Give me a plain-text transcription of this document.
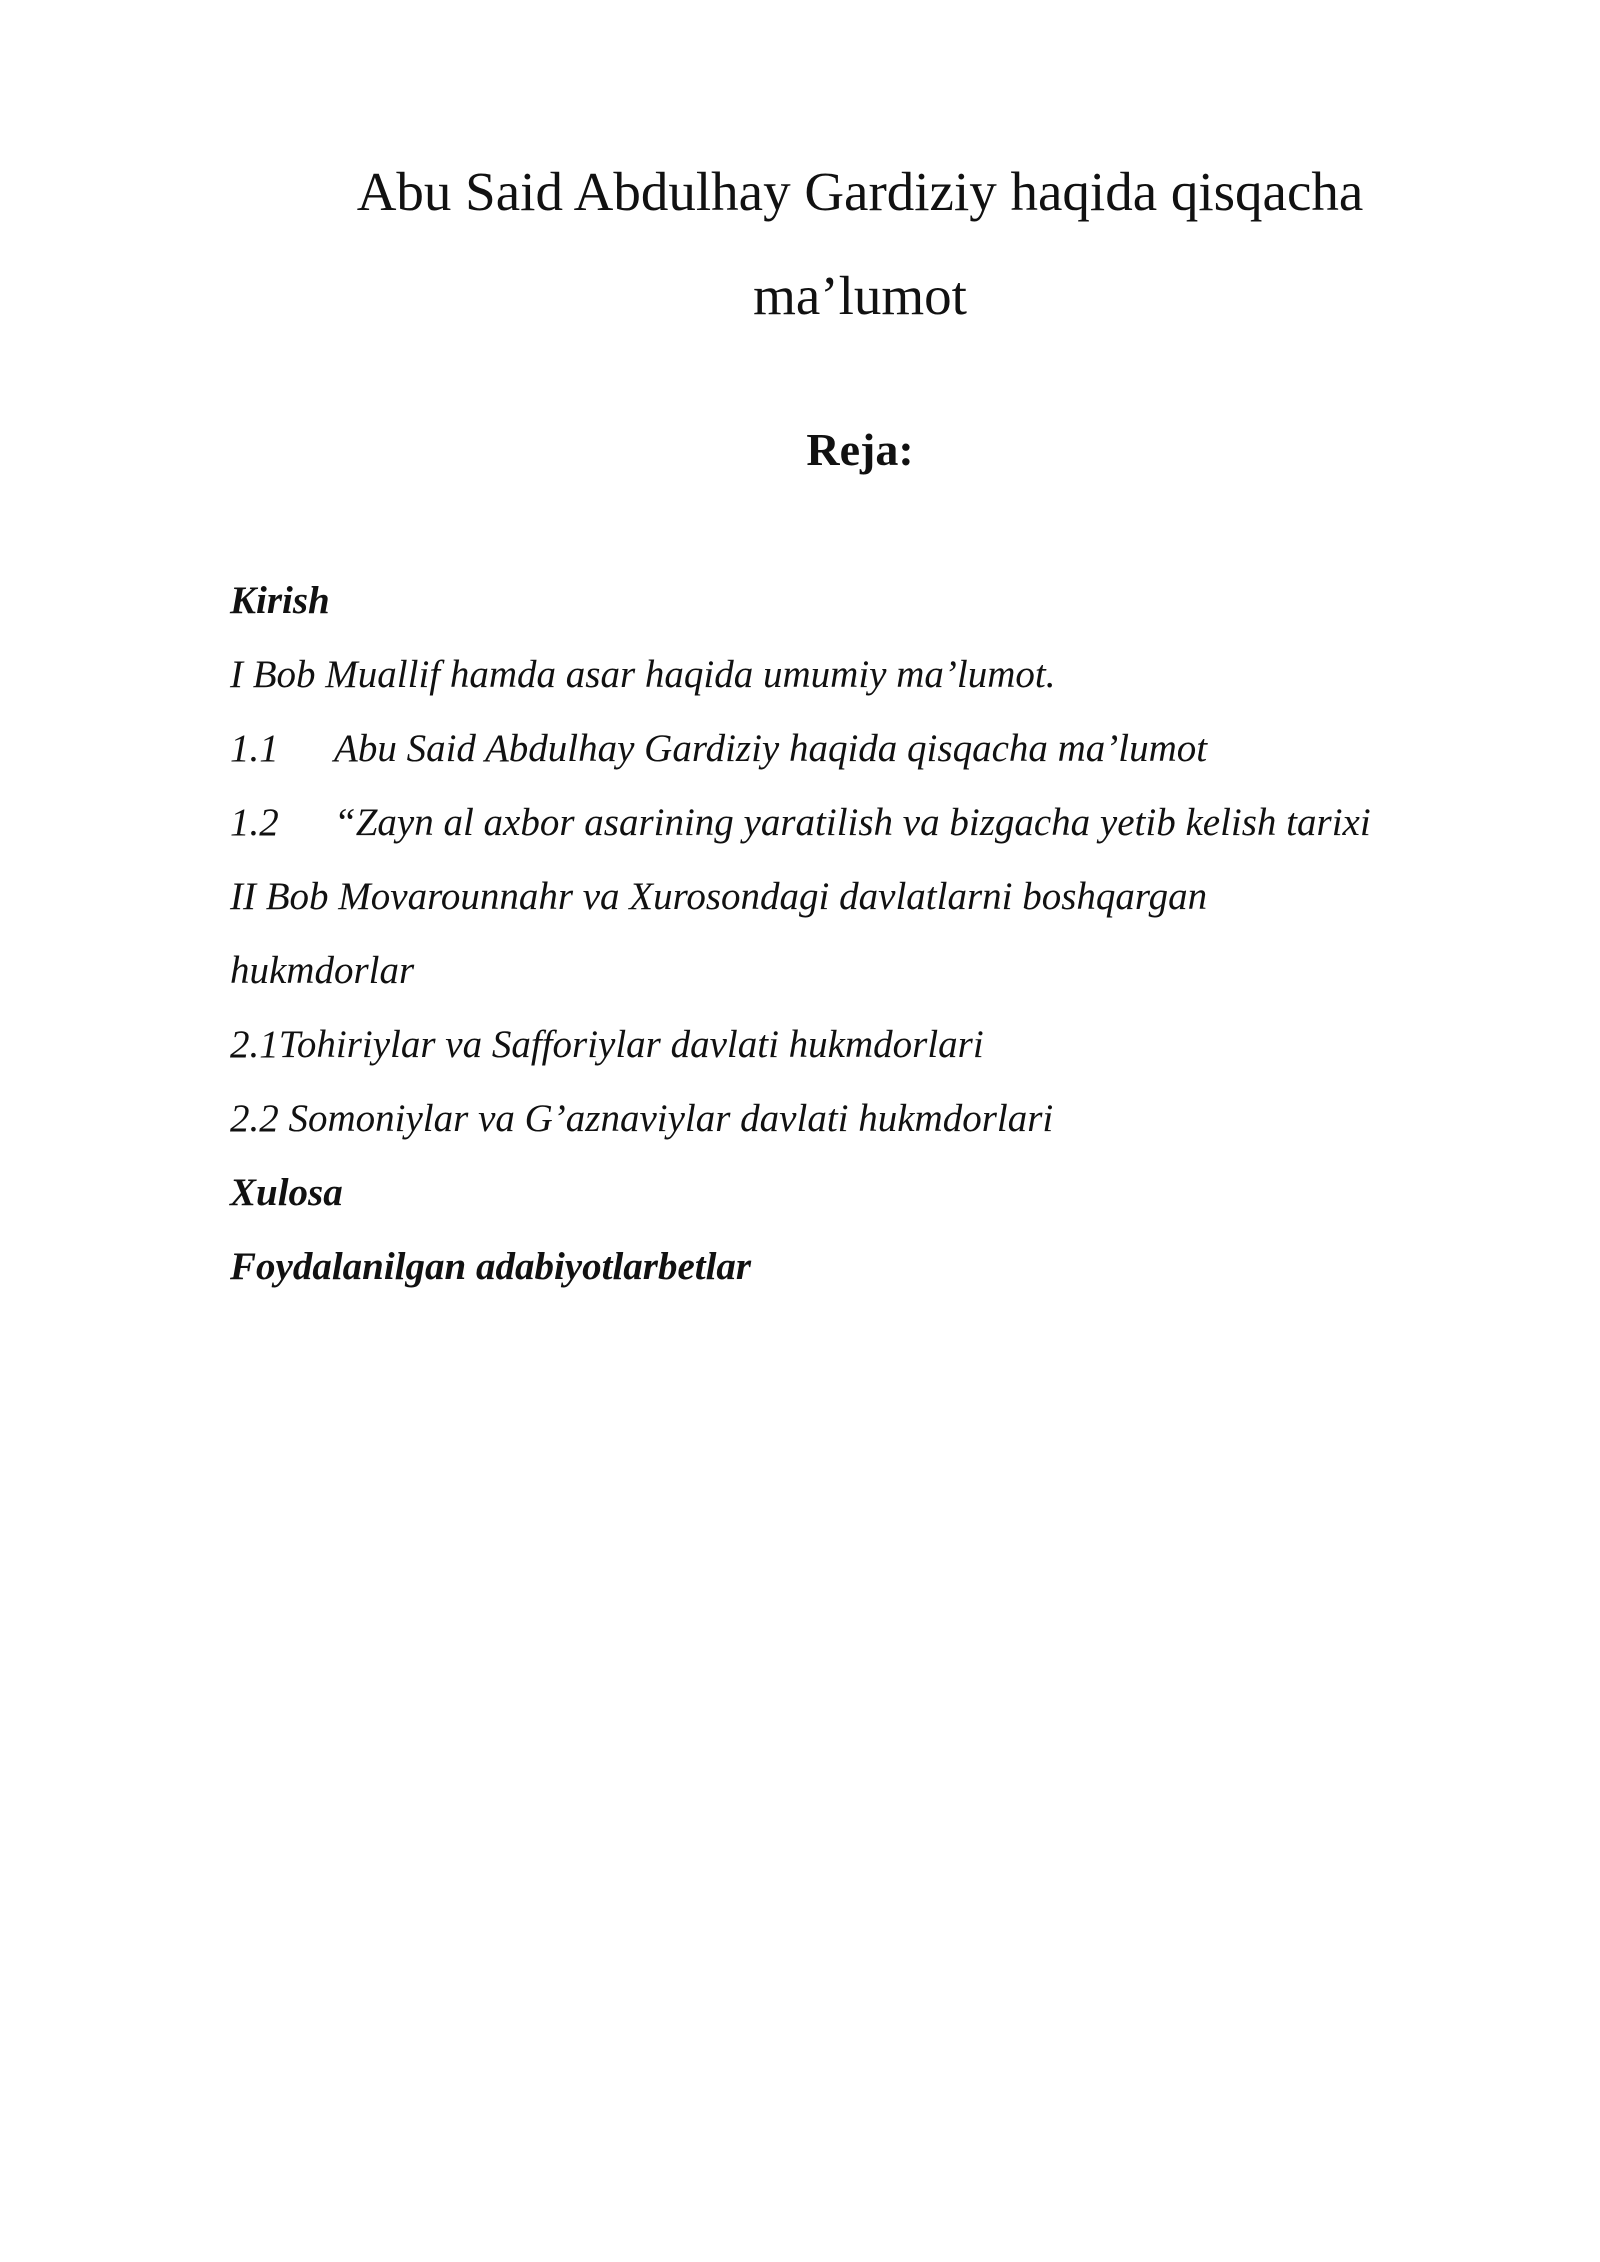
Abu Said Abdulhay Gardiziy haqida qisqacha
ma’lumot
Reja:
Kirish
I Bob Muallif hamda asar haqida umumiy ma’lumot.
1.1 Abu Said Abdulhay Gardiziy haqida qisqacha ma’lumot
1.2 “Zayn al axbor asarining yaratilish va bizgacha yetib kelish tarixi
II Bob Movarounnahr va Xurosondagi davlatlarni boshqargan
hukmdorlar
2.1Tohiriylar va Safforiylar davlati hukmdorlari
2.2 Somoniylar va G’aznaviylar davlati hukmdorlari
Xulosa
Foydalanilgan adabiyotlarbetlar
